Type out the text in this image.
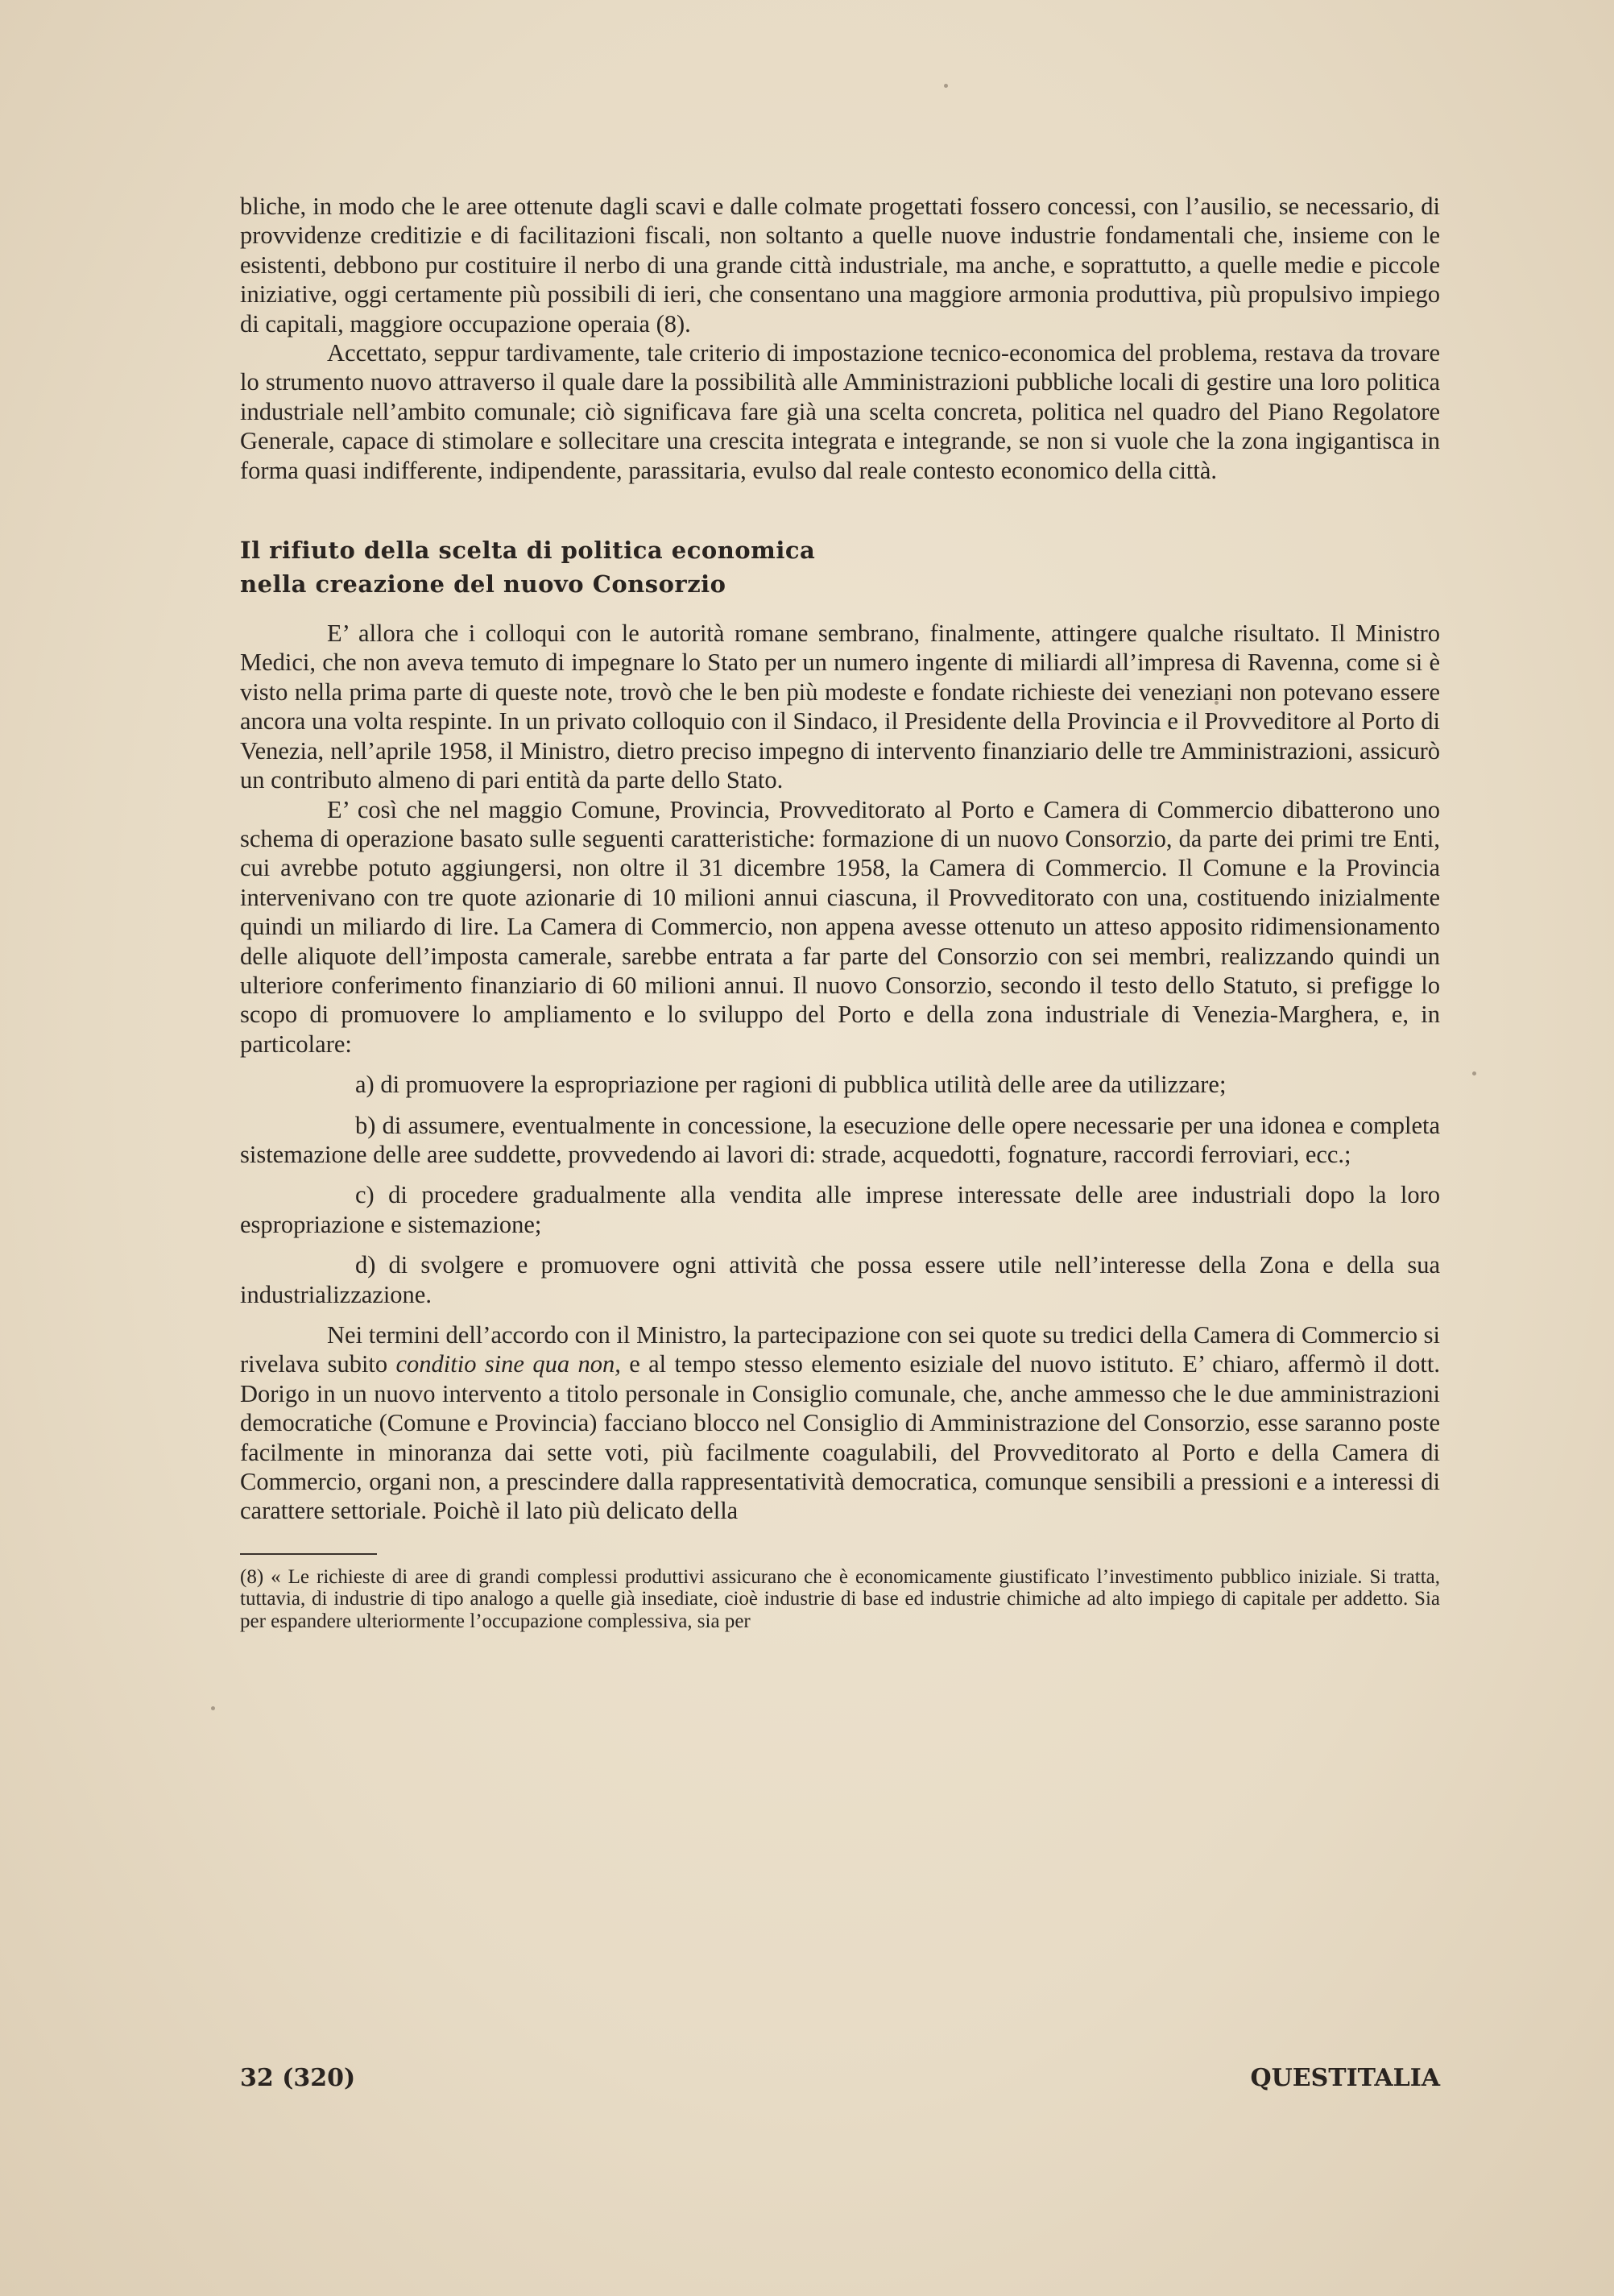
bliche, in modo che le aree ottenute dagli scavi e dalle colmate progettati fossero concessi, con l’ausilio, se necessario, di provvidenze creditizie e di facilitazioni fiscali, non soltanto a quelle nuove industrie fondamentali che, insieme con le esistenti, debbono pur costituire il nerbo di una grande città industriale, ma anche, e soprattutto, a quelle medie e piccole iniziative, oggi certamente più possibili di ieri, che consentano una maggiore armonia produttiva, più propulsivo impiego di capitali, maggiore occupazione operaia (8).

Accettato, seppur tardivamente, tale criterio di impostazione tecnico-economica del problema, restava da trovare lo strumento nuovo attraverso il quale dare la possibilità alle Amministrazioni pubbliche locali di gestire una loro politica industriale nell’ambito comunale; ciò significava fare già una scelta concreta, politica nel quadro del Piano Regolatore Generale, capace di stimolare e sollecitare una crescita integrata e integrande, se non si vuole che la zona ingigantisca in forma quasi indifferente, indipendente, parassitaria, evulso dal reale contesto economico della città.

Il rifiuto della scelta di politica economica
nella creazione del nuovo Consorzio

E’ allora che i colloqui con le autorità romane sembrano, finalmente, attingere qualche risultato. Il Ministro Medici, che non aveva temuto di impegnare lo Stato per un numero ingente di miliardi all’impresa di Ravenna, come si è visto nella prima parte di queste note, trovò che le ben più modeste e fondate richieste dei veneziani non potevano essere ancora una volta respinte. In un privato colloquio con il Sindaco, il Presidente della Provincia e il Provveditore al Porto di Venezia, nell’aprile 1958, il Ministro, dietro preciso impegno di intervento finanziario delle tre Amministrazioni, assicurò un contributo almeno di pari entità da parte dello Stato.

E’ così che nel maggio Comune, Provincia, Provveditorato al Porto e Camera di Commercio dibatterono uno schema di operazione basato sulle seguenti caratteristiche: formazione di un nuovo Consorzio, da parte dei primi tre Enti, cui avrebbe potuto aggiungersi, non oltre il 31 dicembre 1958, la Camera di Commercio. Il Comune e la Provincia intervenivano con tre quote azionarie di 10 milioni annui ciascuna, il Provveditorato con una, costituendo inizialmente quindi un miliardo di lire. La Camera di Commercio, non appena avesse ottenuto un atteso apposito ridimensionamento delle aliquote dell’imposta camerale, sarebbe entrata a far parte del Consorzio con sei membri, realizzando quindi un ulteriore conferimento finanziario di 60 milioni annui. Il nuovo Consorzio, secondo il testo dello Statuto, si prefigge lo scopo di promuovere lo ampliamento e lo sviluppo del Porto e della zona industriale di Venezia-Marghera, e, in particolare:

a) di promuovere la espropriazione per ragioni di pubblica utilità delle aree da utilizzare;

b) di assumere, eventualmente in concessione, la esecuzione delle opere necessarie per una idonea e completa sistemazione delle aree suddette, provvedendo ai lavori di: strade, acquedotti, fognature, raccordi ferroviari, ecc.;

c) di procedere gradualmente alla vendita alle imprese interessate delle aree industriali dopo la loro espropriazione e sistemazione;

d) di svolgere e promuovere ogni attività che possa essere utile nell’interesse della Zona e della sua industrializzazione.

Nei termini dell’accordo con il Ministro, la partecipazione con sei quote su tredici della Camera di Commercio si rivelava subito conditio sine qua non, e al tempo stesso elemento esiziale del nuovo istituto. E’ chiaro, affermò il dott. Dorigo in un nuovo intervento a titolo personale in Consiglio comunale, che, anche ammesso che le due amministrazioni democratiche (Comune e Provincia) facciano blocco nel Consiglio di Amministrazione del Consorzio, esse saranno poste facilmente in minoranza dai sette voti, più facilmente coagulabili, del Provveditorato al Porto e della Camera di Commercio, organi non, a prescindere dalla rappresentatività democratica, comunque sensibili a pressioni e a interessi di carattere settoriale. Poichè il lato più delicato della

(8) « Le richieste di aree di grandi complessi produttivi assicurano che è economicamente giustificato l’investimento pubblico iniziale. Si tratta, tuttavia, di industrie di tipo analogo a quelle già insediate, cioè industrie di base ed industrie chimiche ad alto impiego di capitale per addetto. Sia per espandere ulteriormente l’occupazione complessiva, sia per

32 (320)	QUESTITALIA
